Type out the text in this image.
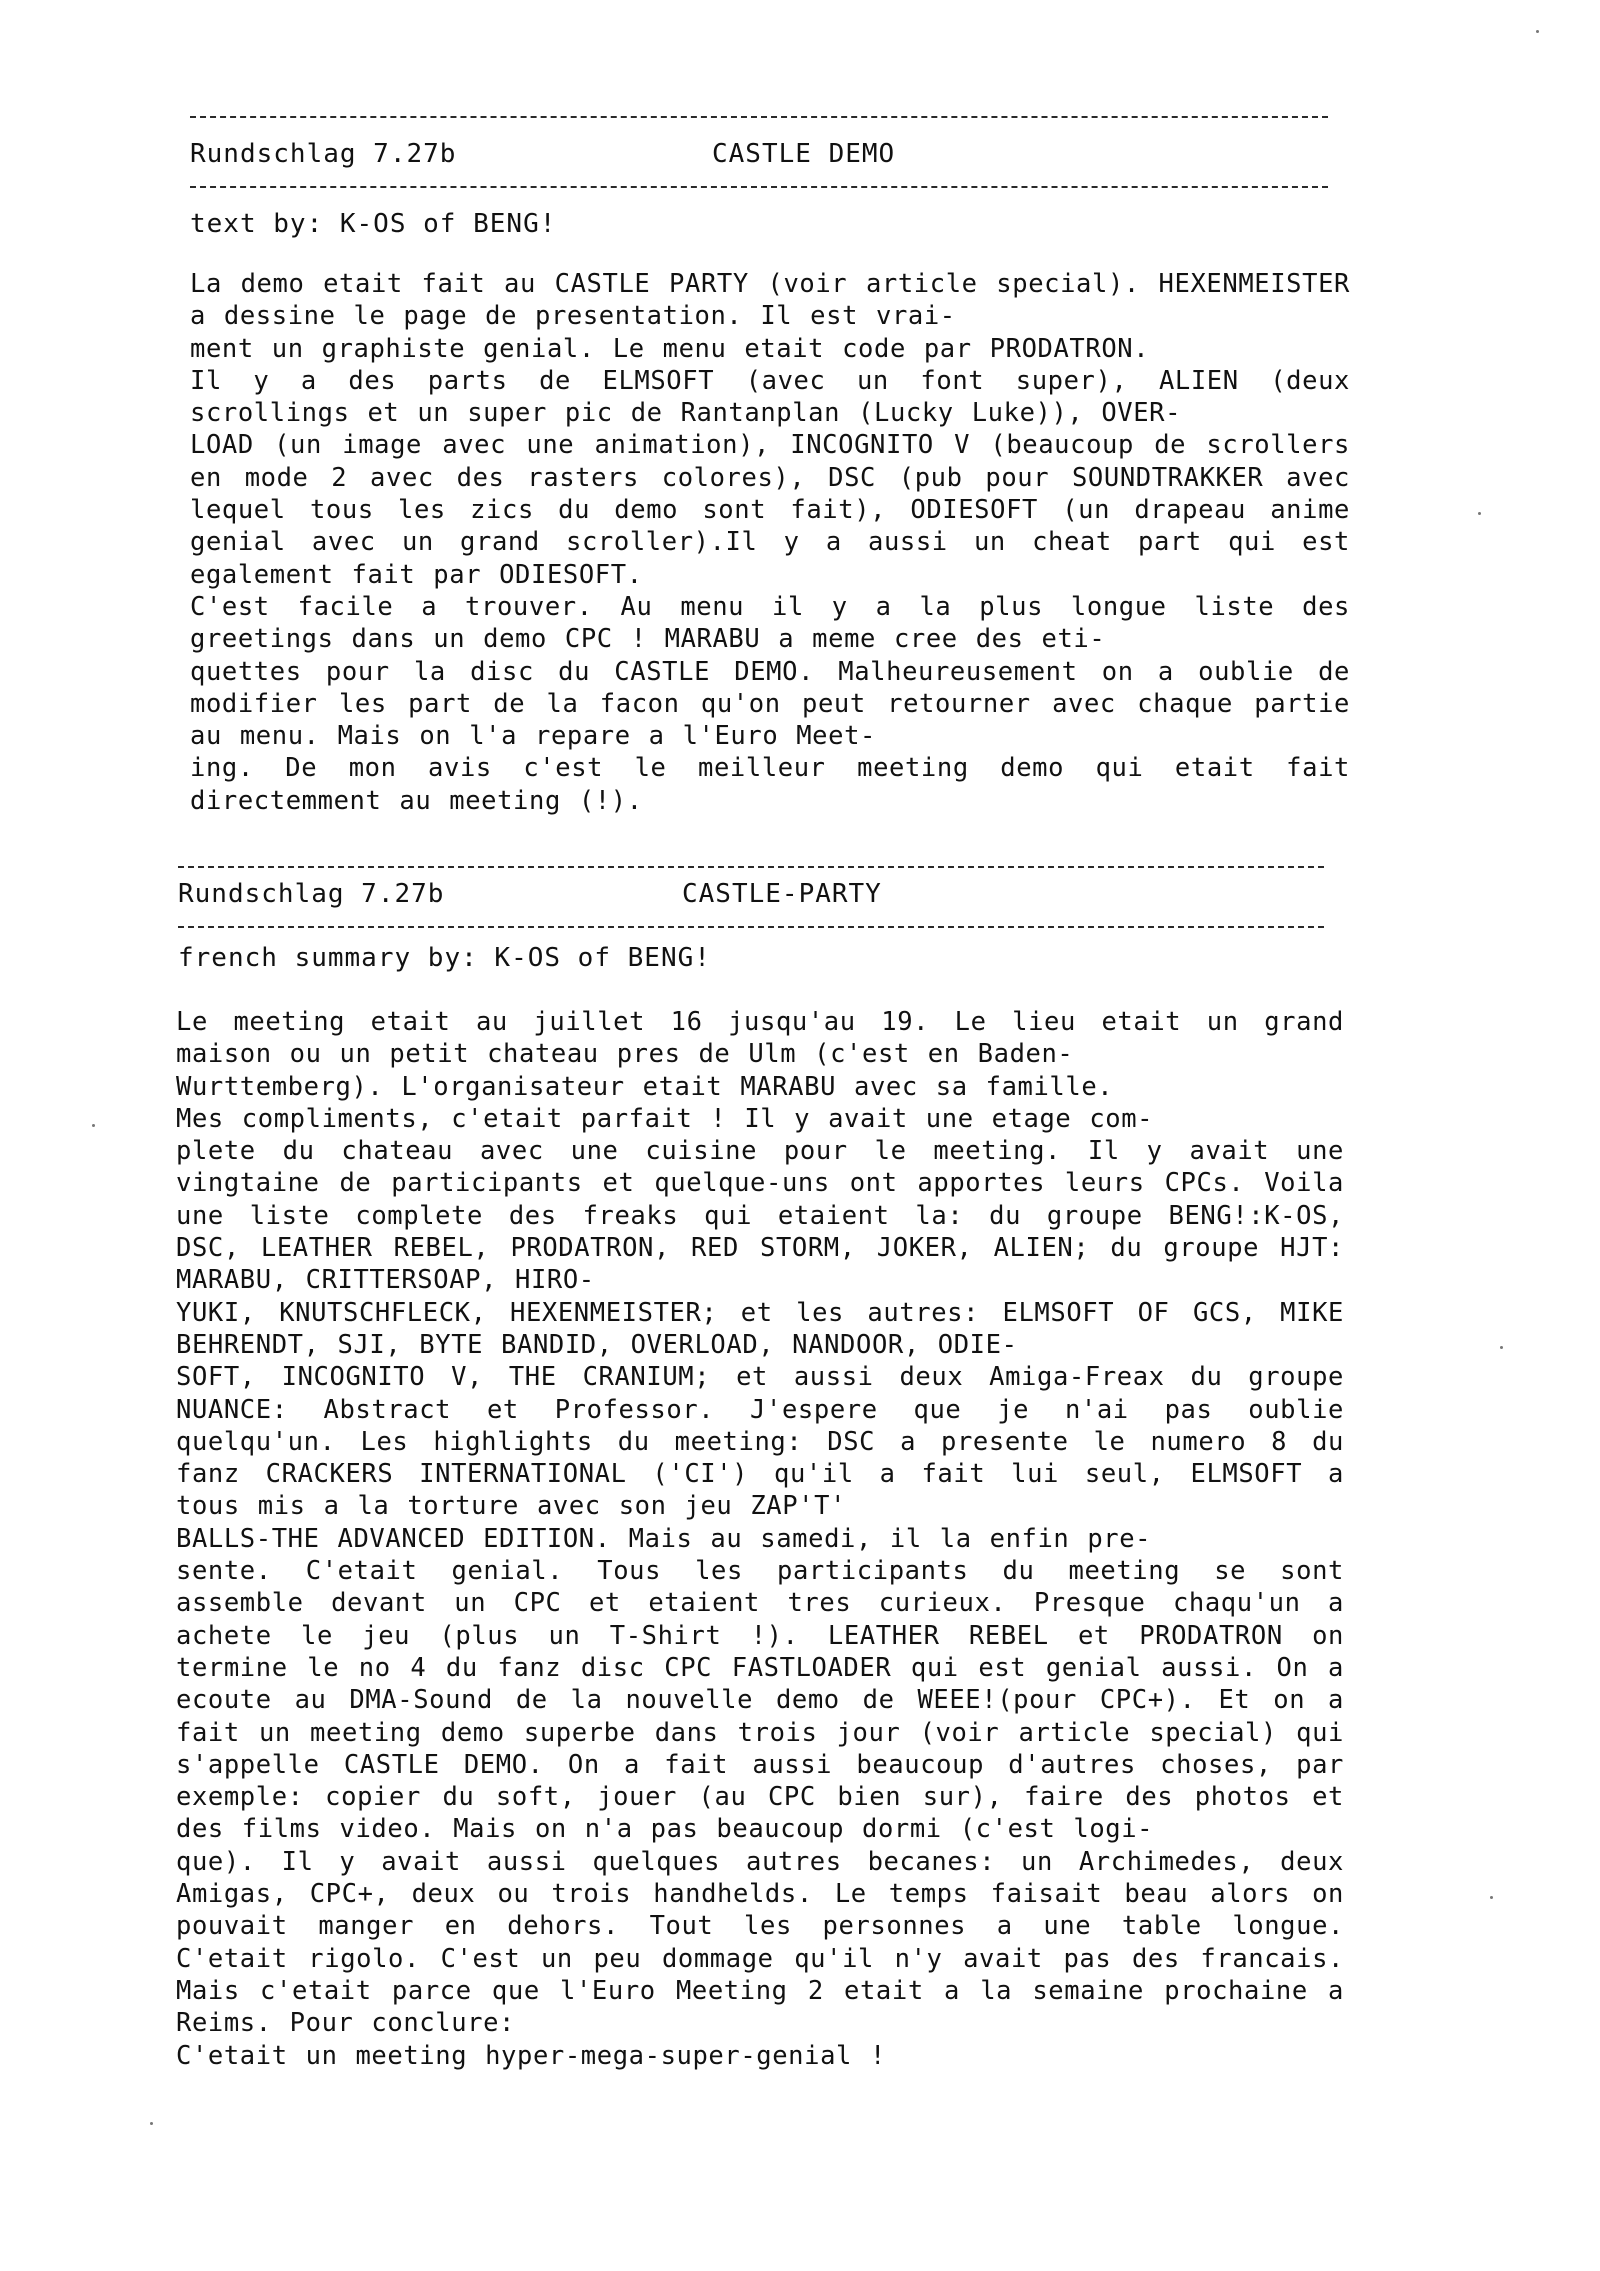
Rundschlag 7.27b	CASTLE DEMO
text by: K-OS of BENG!
La demo etait fait au CASTLE PARTY (voir article special). HEXENMEISTER a dessine le page de presentation. Il est vrai-
ment un graphiste genial. Le menu etait code par PRODATRON.
Il y a des parts de ELMSOFT (avec un font super), ALIEN (deux scrollings et un super pic de Rantanplan (Lucky Luke)), OVER-
LOAD (un image avec une animation), INCOGNITO V (beaucoup de scrollers en mode 2 avec des rasters colores), DSC (pub pour SOUNDTRAKKER avec lequel tous les zics du demo sont fait), ODIESOFT (un drapeau anime genial avec un grand scroller).Il y a aussi un cheat part qui est egalement fait par ODIESOFT.
C'est facile a trouver. Au menu il y a la plus longue liste des greetings dans un demo CPC ! MARABU a meme cree des eti-
quettes pour la disc du CASTLE DEMO. Malheureusement on a oublie de modifier les part de la facon qu'on peut retourner avec chaque partie au menu. Mais on l'a repare a l'Euro Meet-
ing. De mon avis c'est le meilleur meeting demo qui etait fait directemment au meeting (!).
Rundschlag 7.27b	CASTLE-PARTY
french summary by: K-OS of BENG!
Le meeting etait au juillet 16 jusqu'au 19. Le lieu etait un grand maison ou un petit chateau pres de Ulm (c'est en Baden-
Wurttemberg). L'organisateur etait MARABU avec sa famille.
Mes compliments, c'etait parfait ! Il y avait une etage com-
plete du chateau avec une cuisine pour le meeting. Il y avait une vingtaine de participants et quelque-uns ont apportes leurs CPCs. Voila une liste complete des freaks qui etaient la: du groupe BENG!:K-OS, DSC, LEATHER REBEL, PRODATRON, RED STORM, JOKER, ALIEN; du groupe HJT: MARABU, CRITTERSOAP, HIRO-
YUKI, KNUTSCHFLECK, HEXENMEISTER; et les autres: ELMSOFT OF GCS, MIKE BEHRENDT, SJI, BYTE BANDID, OVERLOAD, NANDOOR, ODIE-
SOFT, INCOGNITO V, THE CRANIUM; et aussi deux Amiga-Freax du groupe NUANCE: Abstract et Professor. J'espere que je n'ai pas oublie quelqu'un. Les highlights du meeting: DSC a presente le numero 8 du fanz CRACKERS INTERNATIONAL ('CI') qu'il a fait lui seul, ELMSOFT a tous mis a la torture avec son jeu ZAP'T'
BALLS-THE ADVANCED EDITION. Mais au samedi, il la enfin pre-
sente. C'etait genial. Tous les participants du meeting se sont assemble devant un CPC et etaient tres curieux. Presque chaqu'un a achete le jeu (plus un T-Shirt !). LEATHER REBEL et PRODATRON on termine le no 4 du fanz disc CPC FASTLOADER qui est genial aussi. On a ecoute au DMA-Sound de la nouvelle demo de WEEE!(pour CPC+). Et on a fait un meeting demo superbe dans trois jour (voir article special) qui s'appelle CASTLE DEMO. On a fait aussi beaucoup d'autres choses, par exemple: copier du soft, jouer (au CPC bien sur), faire des photos et des films video. Mais on n'a pas beaucoup dormi (c'est logi-
que). Il y avait aussi quelques autres becanes: un Archimedes, deux Amigas, CPC+, deux ou trois handhelds. Le temps faisait beau alors on pouvait manger en dehors. Tout les personnes a une table longue. C'etait rigolo. C'est un peu dommage qu'il n'y avait pas des francais. Mais c'etait parce que l'Euro Meeting 2 etait a la semaine prochaine a Reims. Pour conclure:
C'etait un meeting hyper-mega-super-genial !
